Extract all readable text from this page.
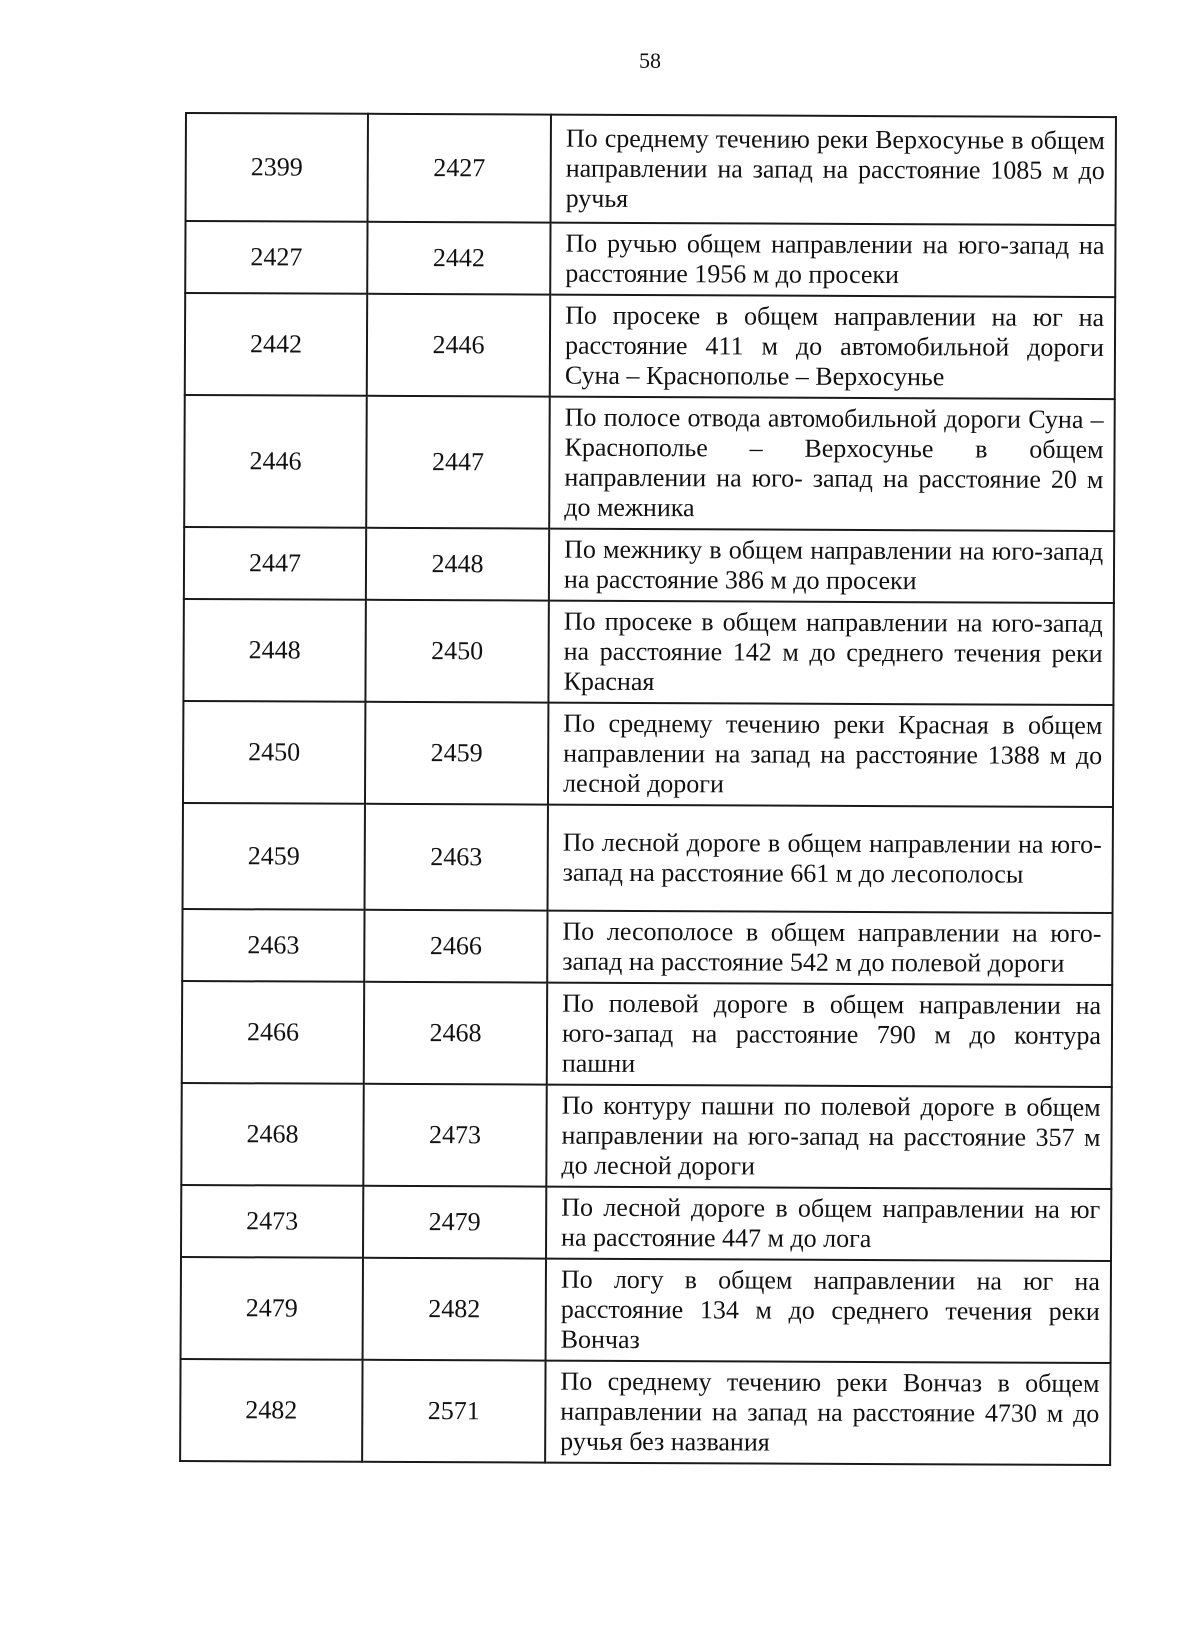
58
2399	2427	По среднему течению реки Верхосунье в общем направлении на запад на расстояние 1085 м до ручья
2427	2442	По ручью общем направлении на юго-запад на расстояние 1956 м до просеки
2442	2446	По просеке в общем направлении на юг на расстояние 411 м до автомобильной дороги Суна – Краснополье – Верхосунье
2446	2447	По полосе отвода автомобильной дороги Суна – Краснополье – Верхосунье в общем направлении на юго- запад на расстояние 20 м до межника
2447	2448	По межнику в общем направлении на юго-запад на расстояние 386 м до просеки
2448	2450	По просеке в общем направлении на юго-запад на расстояние 142 м до среднего течения реки Красная
2450	2459	По среднему течению реки Красная в общем направлении на запад на расстояние 1388 м до лесной дороги
2459	2463	По лесной дороге в общем направлении на юго-запад на расстояние 661 м до лесополосы
2463	2466	По лесополосе в общем направлении на юго-запад на расстояние 542 м до полевой дороги
2466	2468	По полевой дороге в общем направлении на юго-запад на расстояние 790 м до контура пашни
2468	2473	По контуру пашни по полевой дороге в общем направлении на юго-запад на расстояние 357 м до лесной дороги
2473	2479	По лесной дороге в общем направлении на юг на расстояние 447 м до лога
2479	2482	По логу в общем направлении на юг на расстояние 134 м до среднего течения реки Вончаз
2482	2571	По среднему течению реки Вончаз в общем направлении на запад на расстояние 4730 м до ручья без названия
